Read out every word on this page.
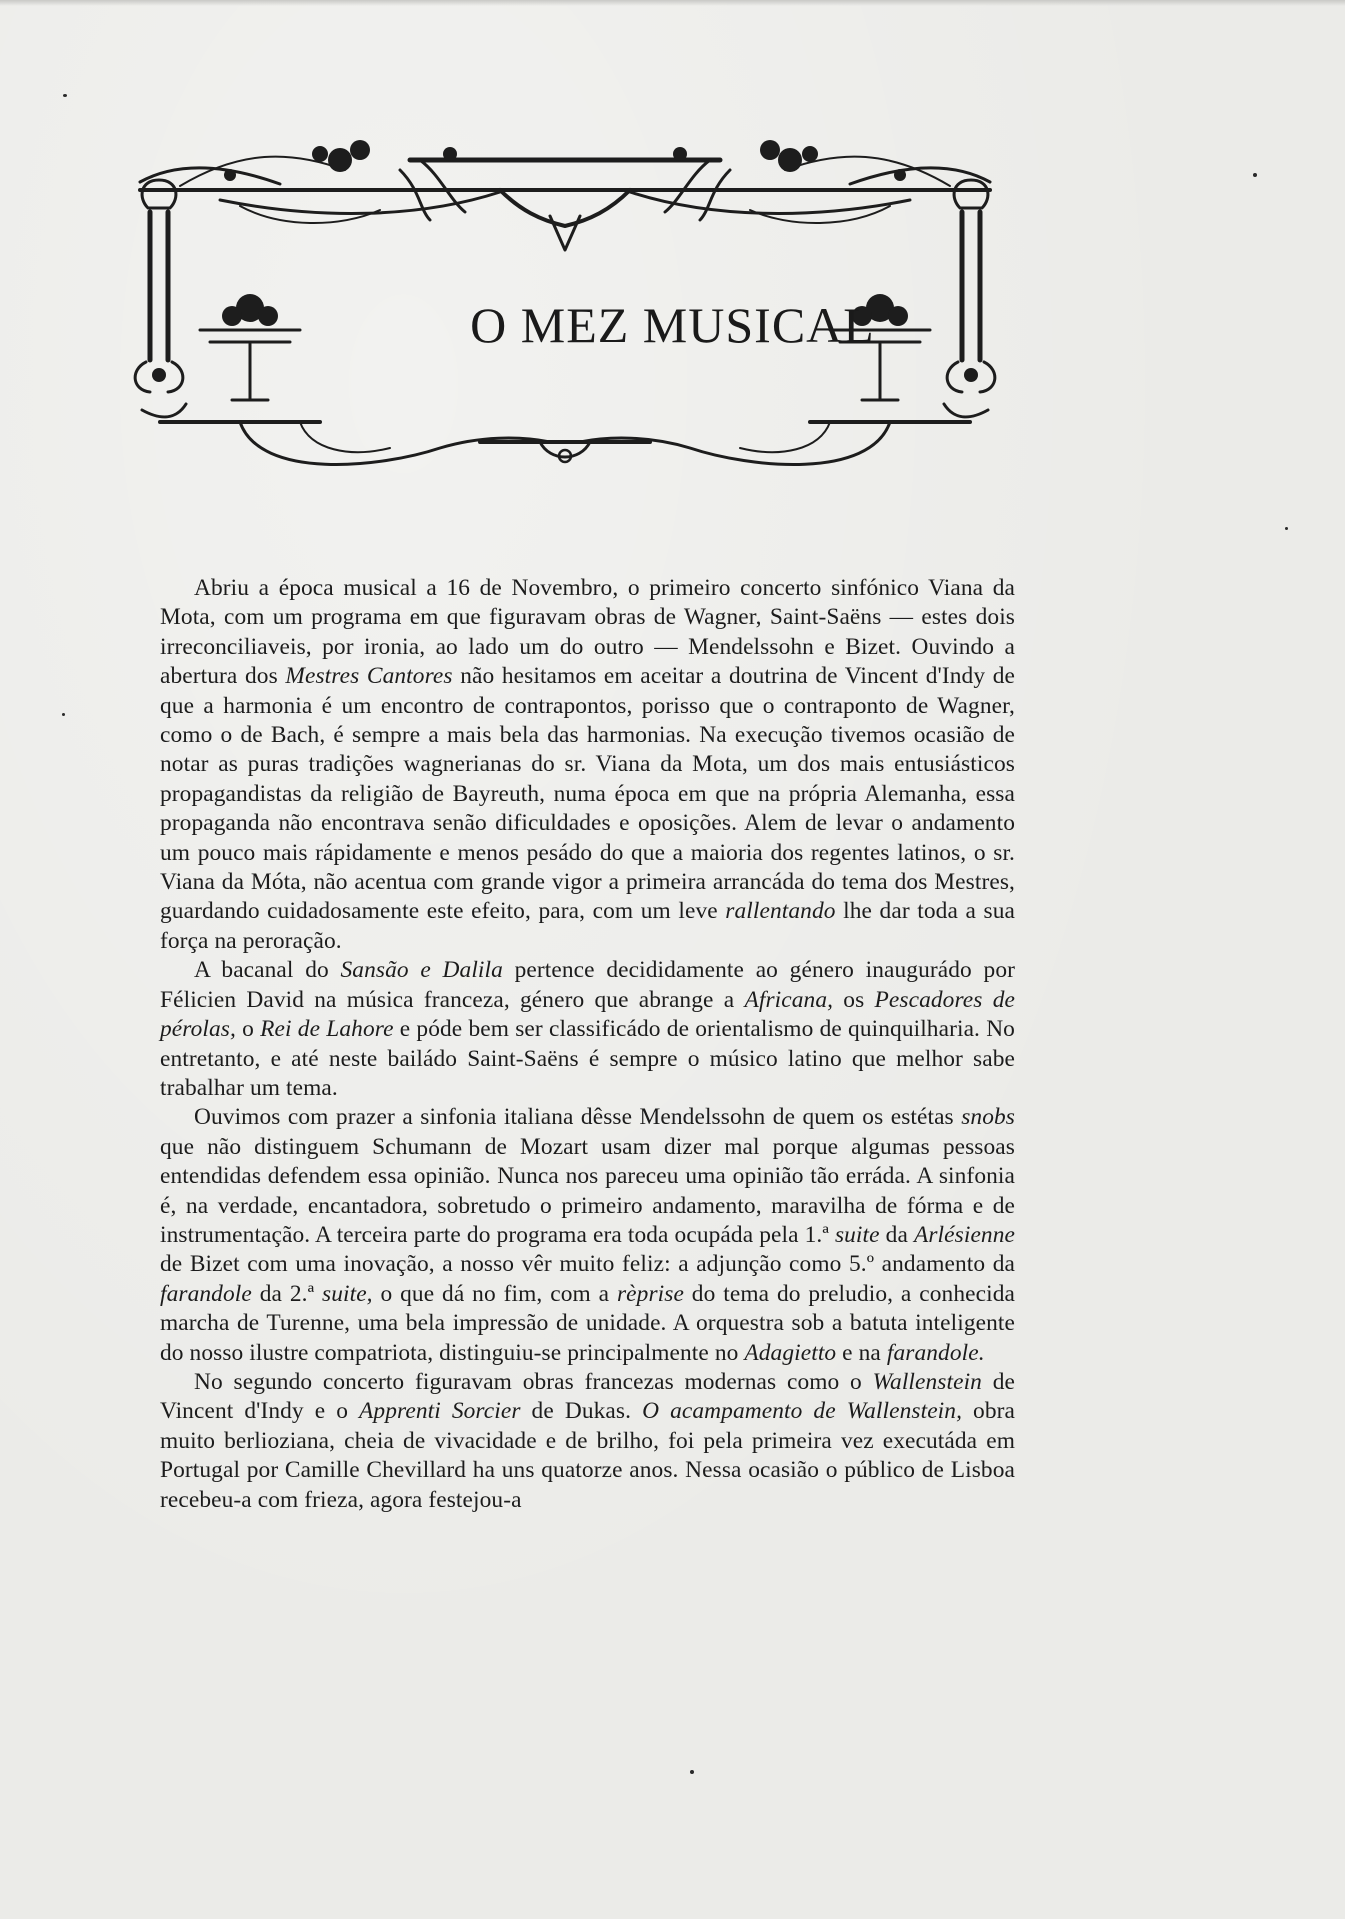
O MEZ MUSICAL

Abriu a época musical a 16 de Novembro, o primeiro concerto sinfónico Viana da Mota, com um programa em que figuravam obras de Wagner, Saint-Saëns — estes dois irreconciliaveis, por ironia, ao lado um do outro — Mendelssohn e Bizet. Ouvindo a abertura dos Mestres Cantores não hesitamos em aceitar a doutrina de Vincent d'Indy de que a harmonia é um encontro de contrapontos, porisso que o contraponto de Wagner, como o de Bach, é sempre a mais bela das harmonias. Na execução tivemos ocasião de notar as puras tradições wagnerianas do sr. Viana da Mota, um dos mais entusiásticos propagandistas da religião de Bayreuth, numa época em que na própria Alemanha, essa propaganda não encontrava senão dificuldades e oposições. Alem de levar o andamento um pouco mais rápidamente e menos pesádo do que a maioria dos regentes latinos, o sr. Viana da Móta, não acentua com grande vigor a primeira arrancáda do tema dos Mestres, guardando cuidadosamente este efeito, para, com um leve rallentando lhe dar toda a sua força na peroração.

A bacanal do Sansão e Dalila pertence decididamente ao género inaugurádo por Félicien David na música franceza, género que abrange a Africana, os Pescadores de pérolas, o Rei de Lahore e póde bem ser classificádo de orientalismo de quinquilharia. No entretanto, e até neste bailádo Saint-Saëns é sempre o músico latino que melhor sabe trabalhar um tema.

Ouvimos com prazer a sinfonia italiana dêsse Mendelssohn de quem os estétas snobs que não distinguem Schumann de Mozart usam dizer mal porque algumas pessoas entendidas defendem essa opinião. Nunca nos pareceu uma opinião tão erráda. A sinfonia é, na verdade, encantadora, sobretudo o primeiro andamento, maravilha de fórma e de instrumentação. A terceira parte do programa era toda ocupáda pela 1.ª suite da Arlésienne de Bizet com uma inovação, a nosso vêr muito feliz: a adjunção como 5.º andamento da farandole da 2.ª suite, o que dá no fim, com a rèprise do tema do preludio, a conhecida marcha de Turenne, uma bela impressão de unidade. A orquestra sob a batuta inteligente do nosso ilustre compatriota, distinguiu-se principalmente no Adagietto e na farandole.

No segundo concerto figuravam obras francezas modernas como o Wallenstein de Vincent d'Indy e o Apprenti Sorcier de Dukas. O acampamento de Wallenstein, obra muito berlioziana, cheia de vivacidade e de brilho, foi pela primeira vez executáda em Portugal por Camille Chevillard ha uns quatorze anos. Nessa ocasião o público de Lisboa recebeu-a com frieza, agora festejou-a
